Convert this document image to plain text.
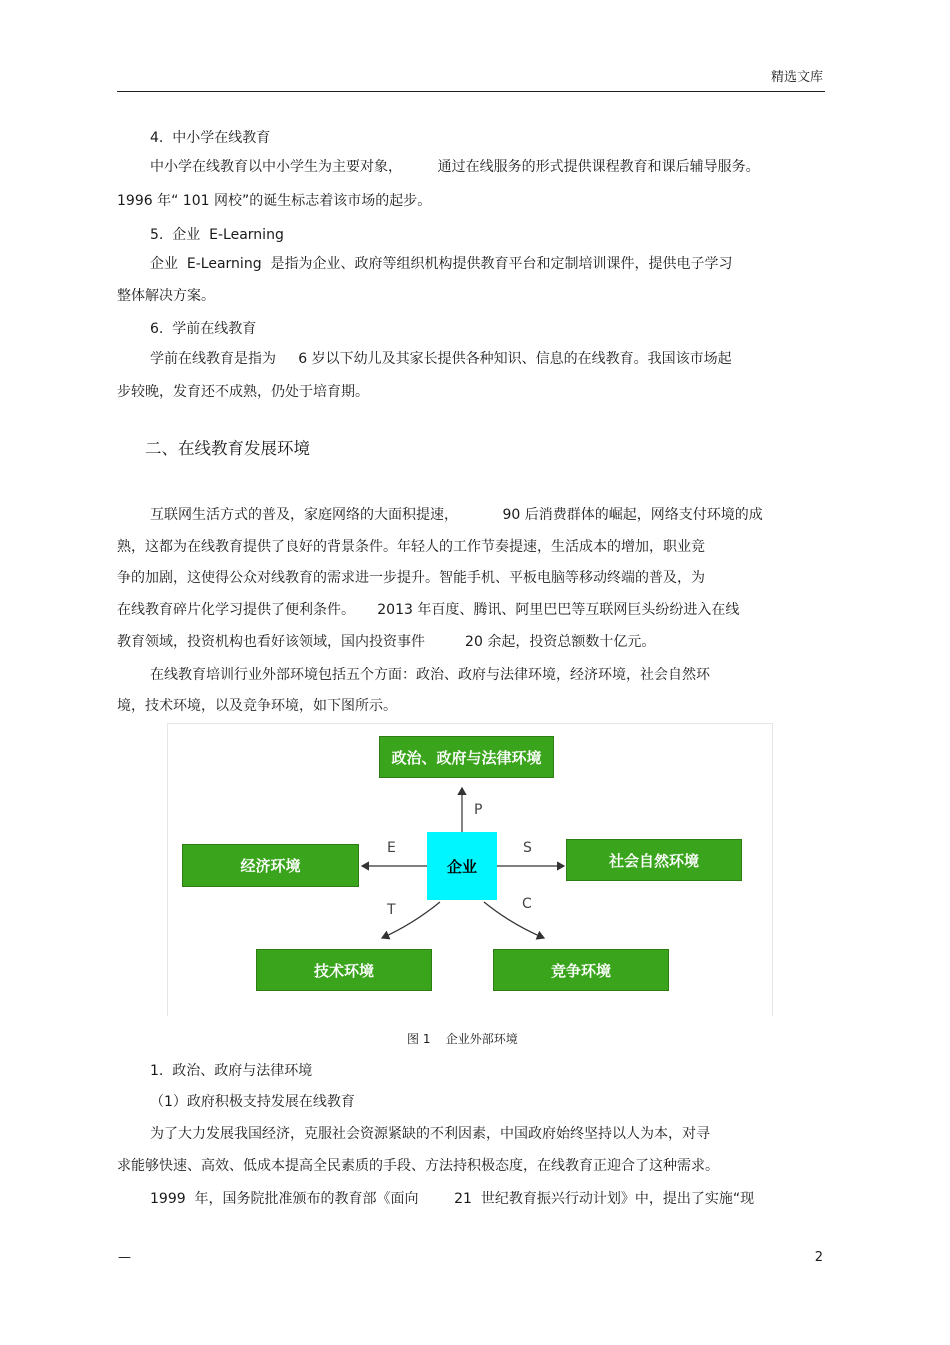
精选文库
4.  中小学在线教育
中小学在线教育以中小学生为主要对象，        通过在线服务的形式提供课程教育和课后辅导服务。
1996 年“ 101 网校”的诞生标志着该市场的起步。
5.  企业  E-Learning
企业  E-Learning  是指为企业、政府等组织机构提供教育平台和定制培训课件，提供电子学习
整体解决方案。
6.  学前在线教育
学前在线教育是指为     6 岁以下幼儿及其家长提供各种知识、信息的在线教育。我国该市场起
步较晚，发育还不成熟，仍处于培育期。
二、在线教育发展环境
互联网生活方式的普及，家庭网络的大面积提速，          90 后消费群体的崛起，网络支付环境的成
熟，这都为在线教育提供了良好的背景条件。年轻人的工作节奏提速，生活成本的增加，职业竞
争的加剧，这使得公众对线教育的需求进一步提升。智能手机、平板电脑等移动终端的普及，为
在线教育碎片化学习提供了便利条件。     2013 年百度、腾讯、阿里巴巴等互联网巨头纷纷进入在线
教育领域，投资机构也看好该领域，国内投资事件         20 余起，投资总额数十亿元。
在线教育培训行业外部环境包括五个方面：政治、政府与法律环境，经济环境，社会自然环
境，技术环境，以及竞争环境，如下图所示。
政治、政府与法律环境
经济环境	社会自然环境
技术环境	竞争环境
企业
P
E	S
T	C
图 1    企业外部环境
1.  政治、政府与法律环境
（1）政府积极支持发展在线教育
为了大力发展我国经济，克服社会资源紧缺的不利因素，中国政府始终坚持以人为本，对寻
求能够快速、高效、低成本提高全民素质的手段、方法持积极态度，在线教育正迎合了这种需求。
1999  年，国务院批准颁布的教育部《面向        21  世纪教育振兴行动计划》中，提出了实施“现
—	2
